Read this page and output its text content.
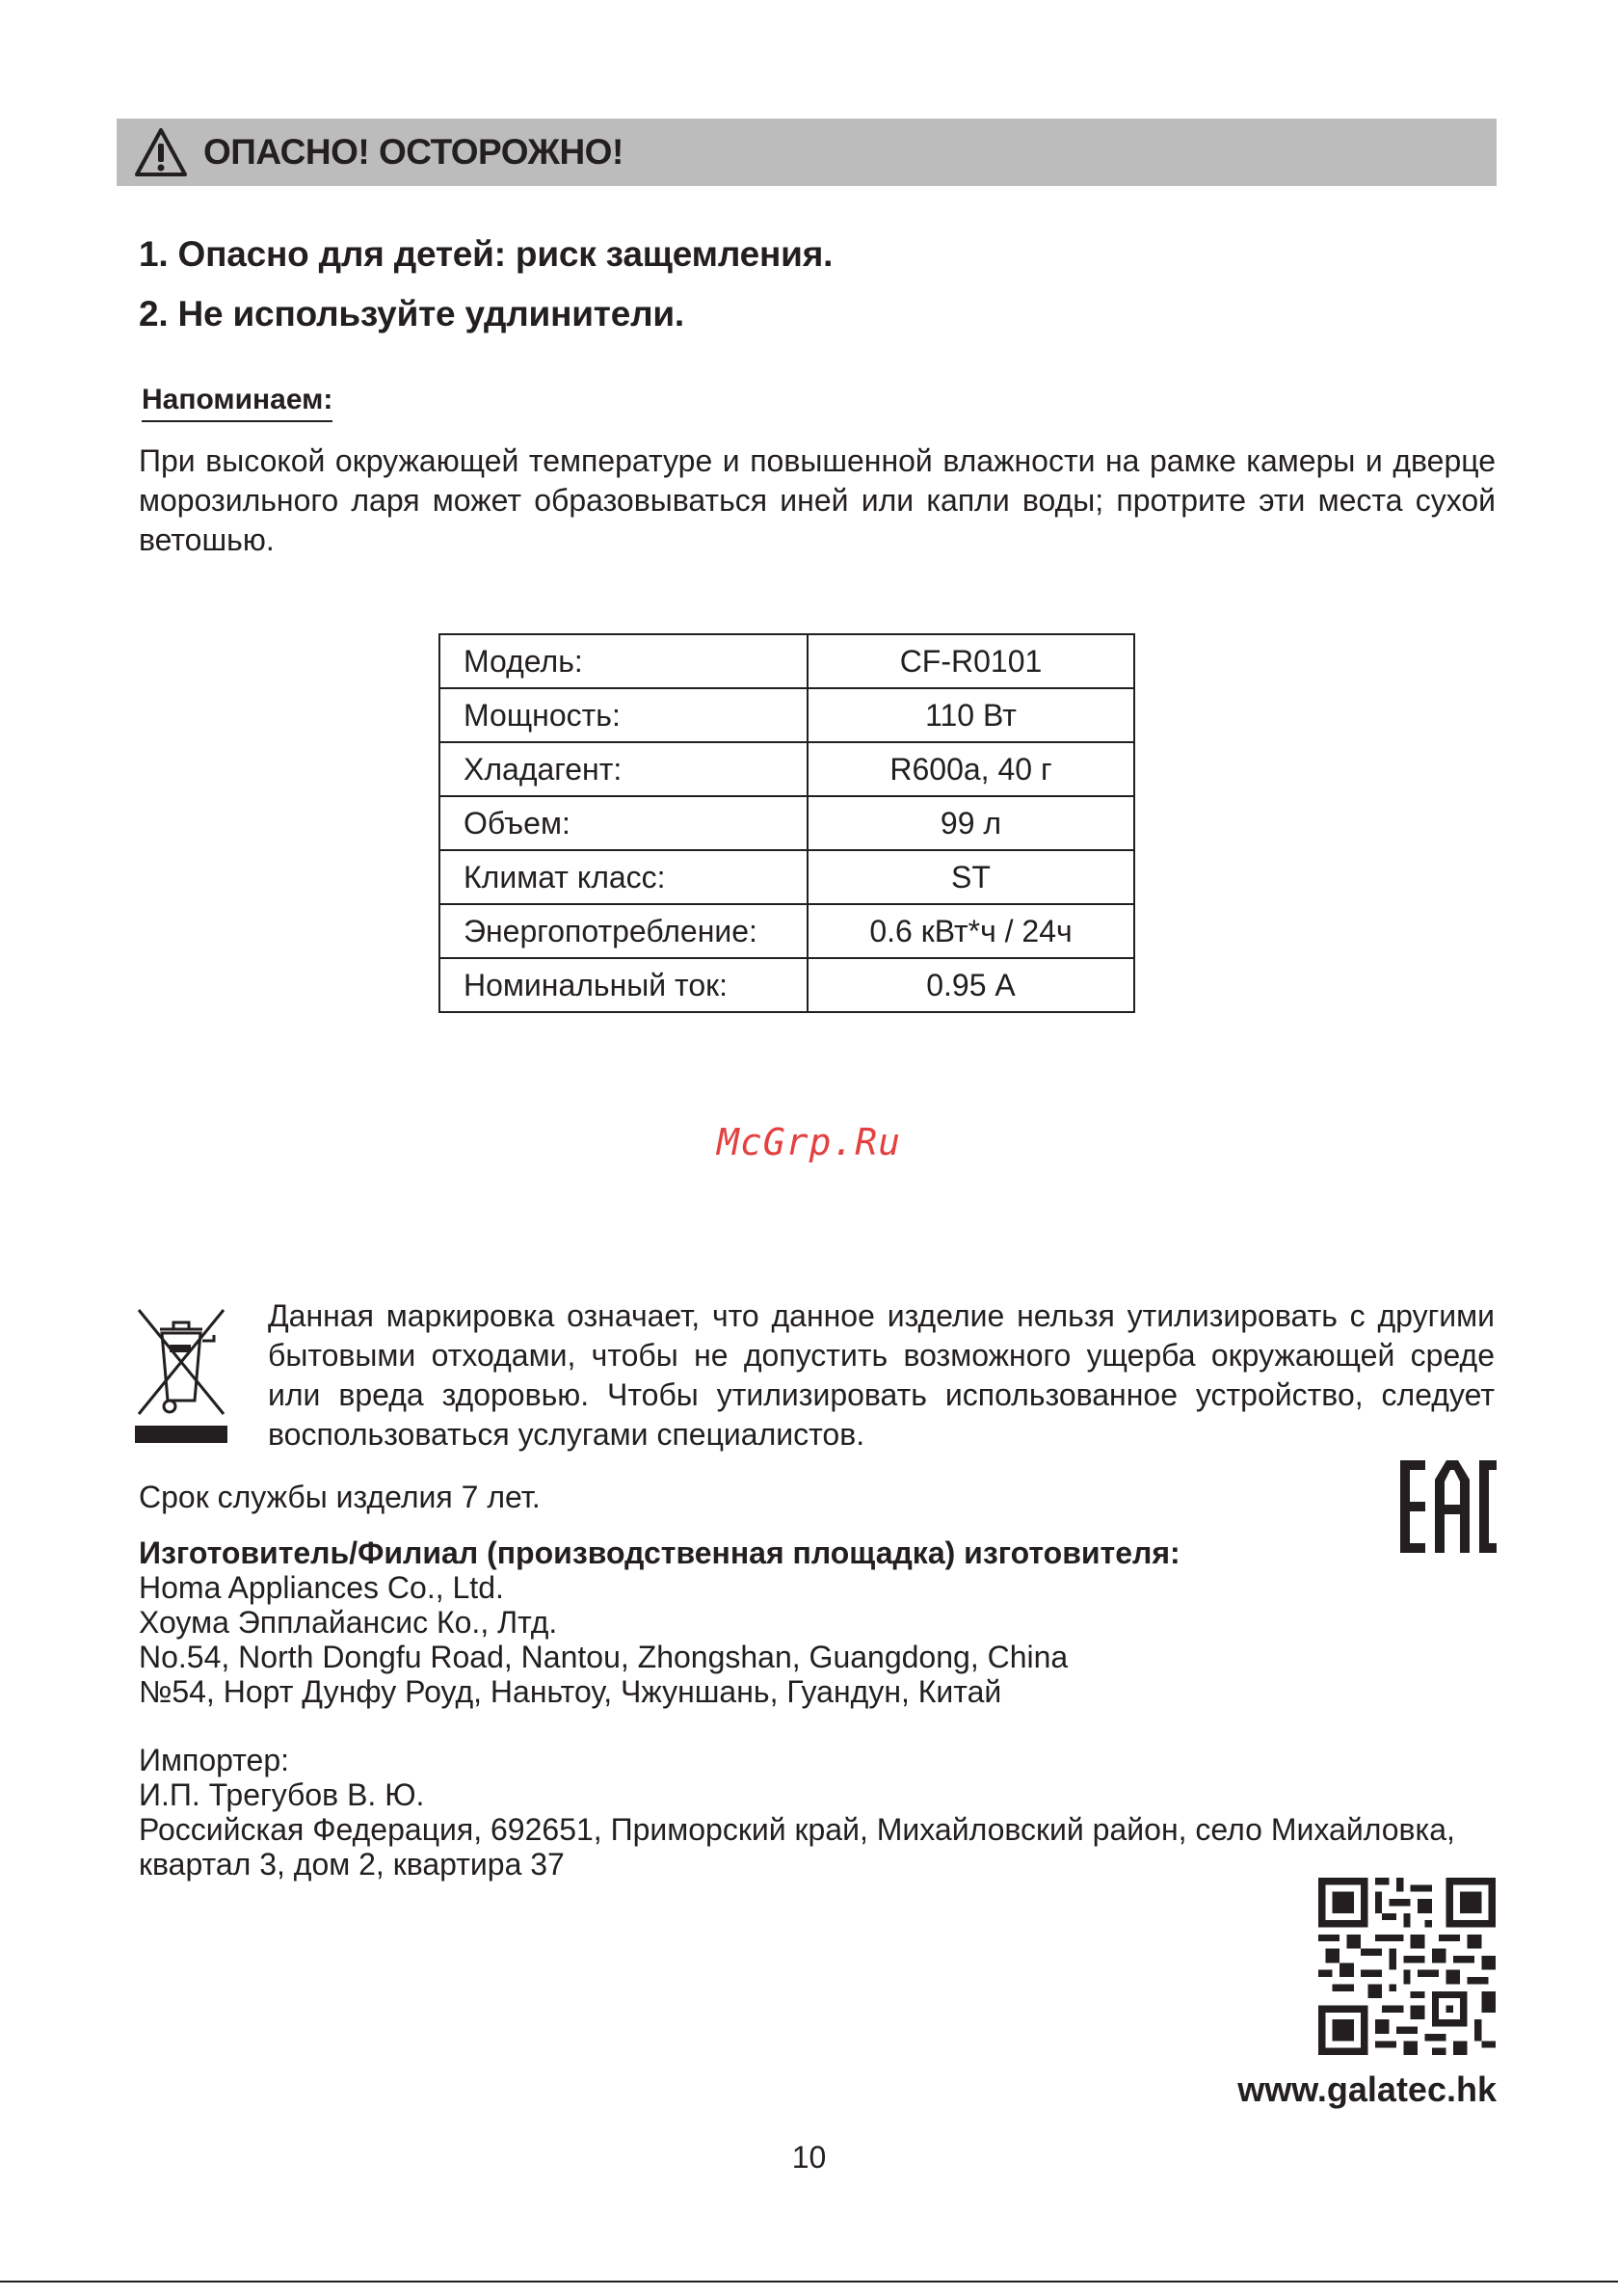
ОПАСНО! ОСТОРОЖНО!
1. Опасно для детей: риск защемления.
2. Не используйте удлинители.
Напоминаем:
При высокой окружающей температуре и повышенной влажности на рамке камеры и дверце морозильного ларя может образовываться иней или капли воды; протрите эти места сухой ветошью.
Модель:	CF-R0101
Мощность:	110 Вт
Хладагент:	R600a, 40 г
Объем:	99 л
Климат класс:	ST
Энергопотребление:	0.6 кВт*ч / 24ч
Номинальный ток:	0.95 А
McGrp.Ru
Данная маркировка означает, что данное изделие нельзя утилизировать с другими бытовыми отходами, чтобы не допустить возможного ущерба окружающей среде или вреда здоровью. Чтобы утилизировать использованное устройство, следует воспользоваться услугами специалистов.
Срок службы изделия 7 лет.
Изготовитель/Филиал (производственная площадка) изготовителя:
Homa Appliances Co., Ltd.
Хоума Эпплайансис Ко., Лтд.
No.54, North Dongfu Road, Nantou, Zhongshan, Guangdong, China
№54, Норт Дунфу Роуд, Наньтоу, Чжуншань, Гуандун, Китай
Импортер:
И.П. Трегубов В. Ю.
Российская Федерация, 692651, Приморский край, Михайловский район, село Михайловка,
квартал 3, дом 2, квартира 37
www.galatec.hk
10
